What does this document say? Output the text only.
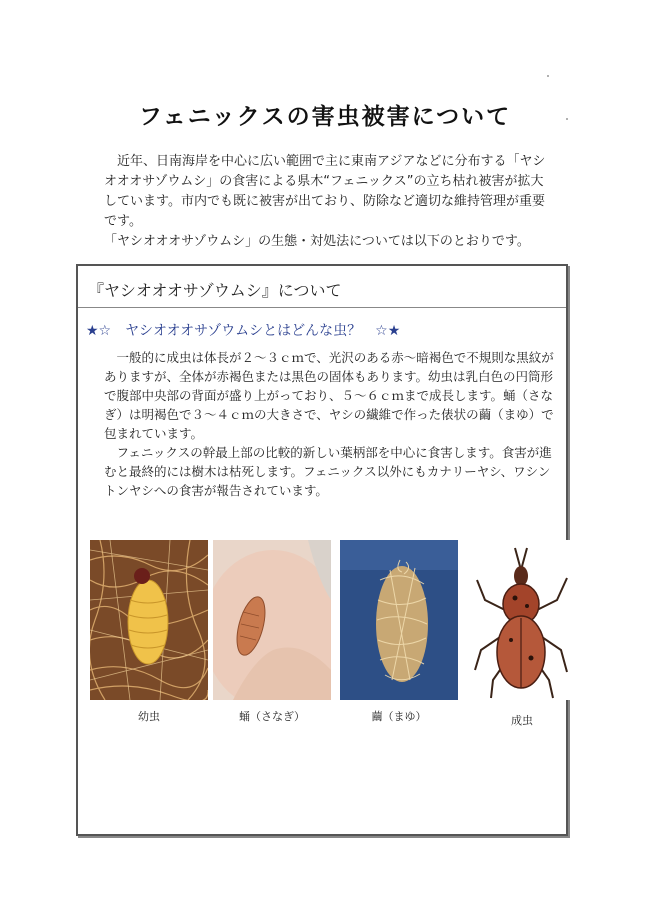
フェニックスの害虫被害について

近年、日南海岸を中心に広い範囲で主に東南アジアなどに分布する「ヤシオオオサゾウムシ」の食害による県木“フェニックス”の立ち枯れ被害が拡大しています。市内でも既に被害が出ており、防除など適切な維持管理が重要です。

「ヤシオオオサゾウムシ」の生態・対処法については以下のとおりです。

『ヤシオオオサゾウムシ』について
★☆　ヤシオオオサゾウムシとはどんな虫？　☆★

一般的に成虫は体長が２～３ｃｍで、光沢のある赤～暗褐色で不規則な黒紋がありますが、全体が赤褐色または黒色の固体もあります。幼虫は乳白色の円筒形で腹部中央部の背面が盛り上がっており、５～６ｃｍまで成長します。蛹（さなぎ）は明褐色で３～４ｃｍの大きさで、ヤシの繊維で作った俵状の繭（まゆ）で包まれています。

フェニックスの幹最上部の比較的新しい葉柄部を中心に食害します。食害が進むと最終的には樹木は枯死します。フェニックス以外にもカナリーヤシ、ワシントンヤシへの食害が報告されています。

幼虫	蛹（さなぎ）	繭（まゆ）	成虫
